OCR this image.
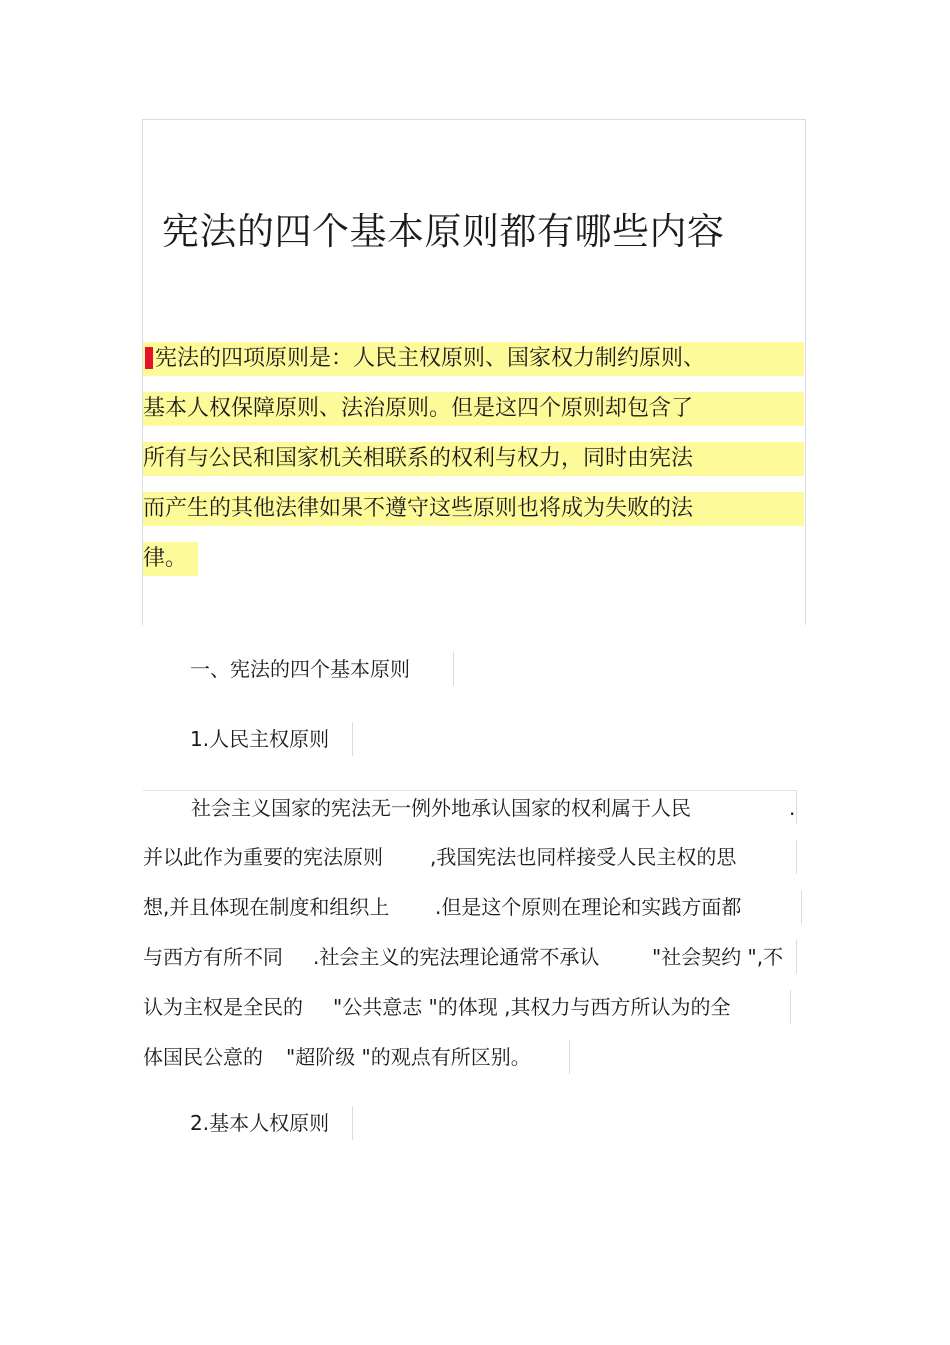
宪法的四个基本原则都有哪些内容
宪法的四项原则是：人民主权原则、国家权力制约原则、
基本人权保障原则、法治原则。但是这四个原则却包含了
所有与公民和国家机关相联系的权利与权力，同时由宪法
而产生的其他法律如果不遵守这些原则也将成为失败的法
律。
一、宪法的四个基本原则
1.人民主权原则
社会主义国家的宪法无一例外地承认国家的权利属于人民	.
并以此作为重要的宪法原则 ,我国宪法也同样接受人民主权的思
想,并且体现在制度和组织上 .但是这个原则在理论和实践方面都
与西方有所不同 .社会主义的宪法理论通常不承认	"社会契约 ",不
认为主权是全民的 "公共意志 "的体现 ,其权力与西方所认为的全
体国民公意的 "超阶级 "的观点有所区别。
2.基本人权原则
